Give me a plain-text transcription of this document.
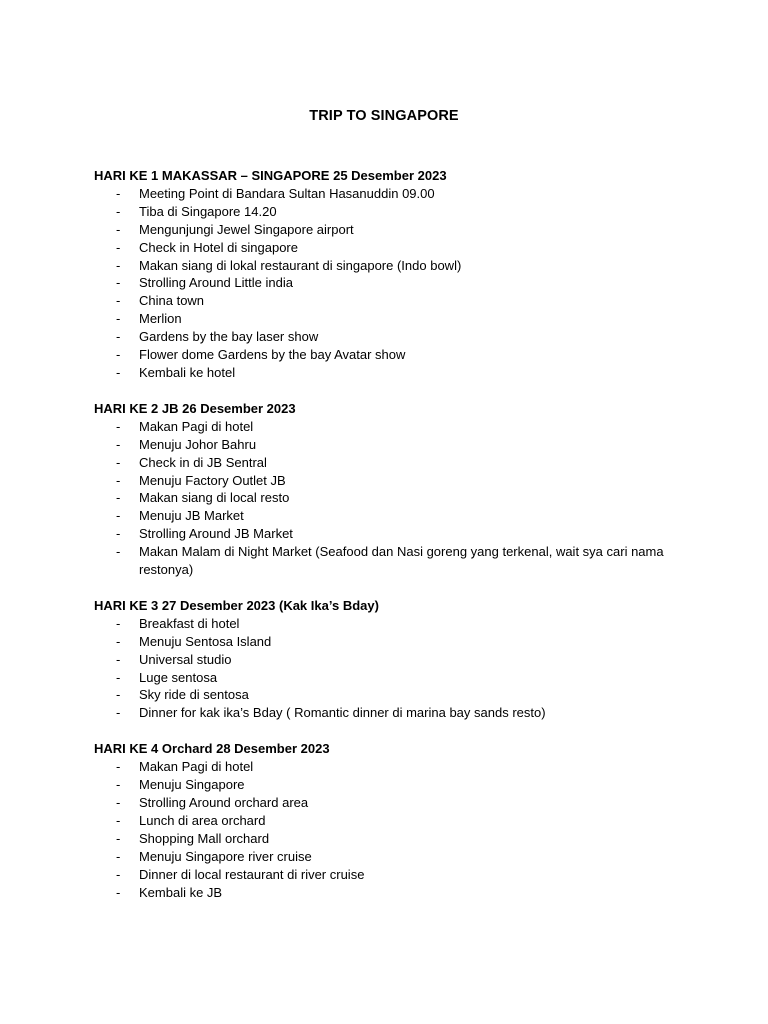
TRIP TO SINGAPORE
HARI KE 1 MAKASSAR – SINGAPORE 25 Desember 2023
- Meeting Point di Bandara Sultan Hasanuddin 09.00
- Tiba di Singapore 14.20
- Mengunjungi Jewel Singapore airport
- Check in Hotel di singapore
- Makan siang di lokal restaurant di singapore (Indo bowl)
- Strolling Around Little india
- China town
- Merlion
- Gardens by the bay laser show
- Flower dome Gardens by the bay Avatar show
- Kembali ke hotel
HARI KE 2 JB 26 Desember 2023
- Makan Pagi di hotel
- Menuju Johor Bahru
- Check in di JB Sentral
- Menuju Factory Outlet JB
- Makan siang di local resto
- Menuju JB Market
- Strolling Around JB Market
- Makan Malam di Night Market (Seafood dan Nasi goreng yang terkenal, wait sya cari nama restonya)
HARI KE 3 27 Desember 2023 (Kak Ika’s Bday)
- Breakfast di hotel
- Menuju Sentosa Island
- Universal studio
- Luge sentosa
- Sky ride di sentosa
- Dinner for kak ika’s Bday ( Romantic dinner di marina bay sands resto)
HARI KE 4 Orchard 28 Desember 2023
- Makan Pagi di hotel
- Menuju Singapore
- Strolling Around orchard area
- Lunch di area orchard
- Shopping Mall orchard
- Menuju Singapore river cruise
- Dinner di local restaurant di river cruise
- Kembali ke JB
